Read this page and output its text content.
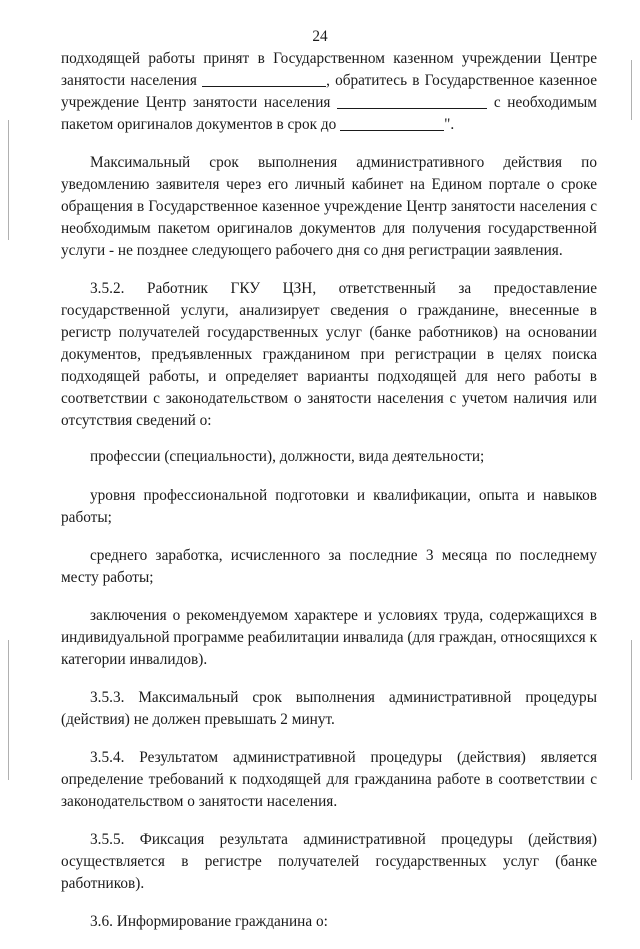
24

подходящей работы принят в Государственном казенном учреждении Центре занятости населения	, обратитесь в Государственное казенное учреждение Центр занятости населения	с необходимым пакетом оригиналов документов в срок до	".

Максимальный срок выполнения административного действия по уведомлению заявителя через его личный кабинет на Едином портале о сроке обращения в Государственное казенное учреждение Центр занятости населения с необходимым пакетом оригиналов документов для получения государственной услуги - не позднее следующего рабочего дня со дня регистрации заявления.

3.5.2. Работник ГКУ ЦЗН, ответственный за предоставление государственной услуги, анализирует сведения о гражданине, внесенные в регистр получателей государственных услуг (банке работников) на основании документов, предъявленных гражданином при регистрации в целях поиска подходящей работы, и определяет варианты подходящей для него работы в соответствии с законодательством о занятости населения с учетом наличия или отсутствия сведений о:

профессии (специальности), должности, вида деятельности;

уровня профессиональной подготовки и квалификации, опыта и навыков работы;

среднего заработка, исчисленного за последние 3 месяца по последнему месту работы;

заключения о рекомендуемом характере и условиях труда, содержащихся в индивидуальной программе реабилитации инвалида (для граждан, относящихся к категории инвалидов).

3.5.3. Максимальный срок выполнения административной процедуры (действия) не должен превышать 2 минут.

3.5.4. Результатом административной процедуры (действия) является определение требований к подходящей для гражданина работе в соответствии с законодательством о занятости населения.

3.5.5. Фиксация результата административной процедуры (действия) осуществляется в регистре получателей государственных услуг (банке работников).

3.6. Информирование гражданина о:
